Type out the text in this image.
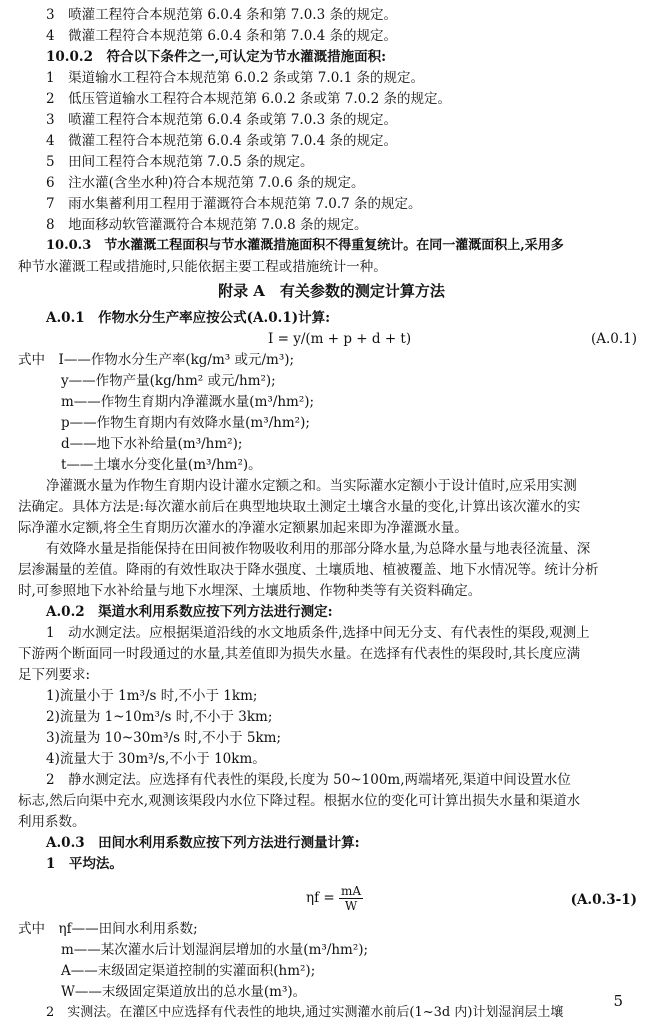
3　喷灌工程符合本规范第 6.0.4 条和第 7.0.3 条的规定。
4　微灌工程符合本规范第 6.0.4 条和第 7.0.4 条的规定。
10.0.2　符合以下条件之一,可认定为节水灌溉措施面积:
1　渠道输水工程符合本规范第 6.0.2 条或第 7.0.1 条的规定。
2　低压管道输水工程符合本规范第 6.0.2 条或第 7.0.2 条的规定。
3　喷灌工程符合本规范第 6.0.4 条或第 7.0.3 条的规定。
4　微灌工程符合本规范第 6.0.4 条或第 7.0.4 条的规定。
5　田间工程符合本规范第 7.0.5 条的规定。
6　注水灌(含坐水种)符合本规范第 7.0.6 条的规定。
7　雨水集蓄利用工程用于灌溉符合本规范第 7.0.7 条的规定。
8　地面移动软管灌溉符合本规范第 7.0.8 条的规定。
10.0.3　节水灌溉工程面积与节水灌溉措施面积不得重复统计。在同一灌溉面积上,采用多
种节水灌溉工程或措施时,只能依据主要工程或措施统计一种。
附录 A　有关参数的测定计算方法
A.0.1　作物水分生产率应按公式(A.0.1)计算:
I = y/(m + p + d + t)	(A.0.1)
式中　I——作物水分生产率(kg/m³ 或元/m³);
y——作物产量(kg/hm² 或元/hm²);
m——作物生育期内净灌溉水量(m³/hm²);
p——作物生育期内有效降水量(m³/hm²);
d——地下水补给量(m³/hm²);
t——土壤水分变化量(m³/hm²)。
净灌溉水量为作物生育期内设计灌水定额之和。当实际灌水定额小于设计值时,应采用实测
法确定。具体方法是:每次灌水前后在典型地块取土测定土壤含水量的变化,计算出该次灌水的实
际净灌水定额,将全生育期历次灌水的净灌水定额累加起来即为净灌溉水量。
有效降水量是指能保持在田间被作物吸收利用的那部分降水量,为总降水量与地表径流量、深
层渗漏量的差值。降雨的有效性取决于降水强度、土壤质地、植被覆盖、地下水情况等。统计分析
时,可参照地下水补给量与地下水埋深、土壤质地、作物种类等有关资料确定。
A.0.2　渠道水利用系数应按下列方法进行测定:
1　动水测定法。应根据渠道沿线的水文地质条件,选择中间无分支、有代表性的渠段,观测上
下游两个断面同一时段通过的水量,其差值即为损失水量。在选择有代表性的渠段时,其长度应满
足下列要求:
1)流量小于 1m³/s 时,不小于 1km;
2)流量为 1~10m³/s 时,不小于 3km;
3)流量为 10~30m³/s 时,不小于 5km;
4)流量大于 30m³/s,不小于 10km。
2　静水测定法。应选择有代表性的渠段,长度为 50~100m,两端堵死,渠道中间设置水位
标志,然后向渠中充水,观测该渠段内水位下降过程。根据水位的变化可计算出损失水量和渠道水
利用系数。
A.0.3　田间水利用系数应按下列方法进行测量计算:
1　平均法。
$\eta f = \frac{mA}{W}$	(A.0.3-1)
式中　ηf——田间水利用系数;
m——某次灌水后计划湿润层增加的水量(m³/hm²);
A——末级固定渠道控制的实灌面积(hm²);
W——末级固定渠道放出的总水量(m³)。
2　实测法。在灌区中应选择有代表性的地块,通过实测灌水前后(1~3d 内)计划湿润层土壤
5
